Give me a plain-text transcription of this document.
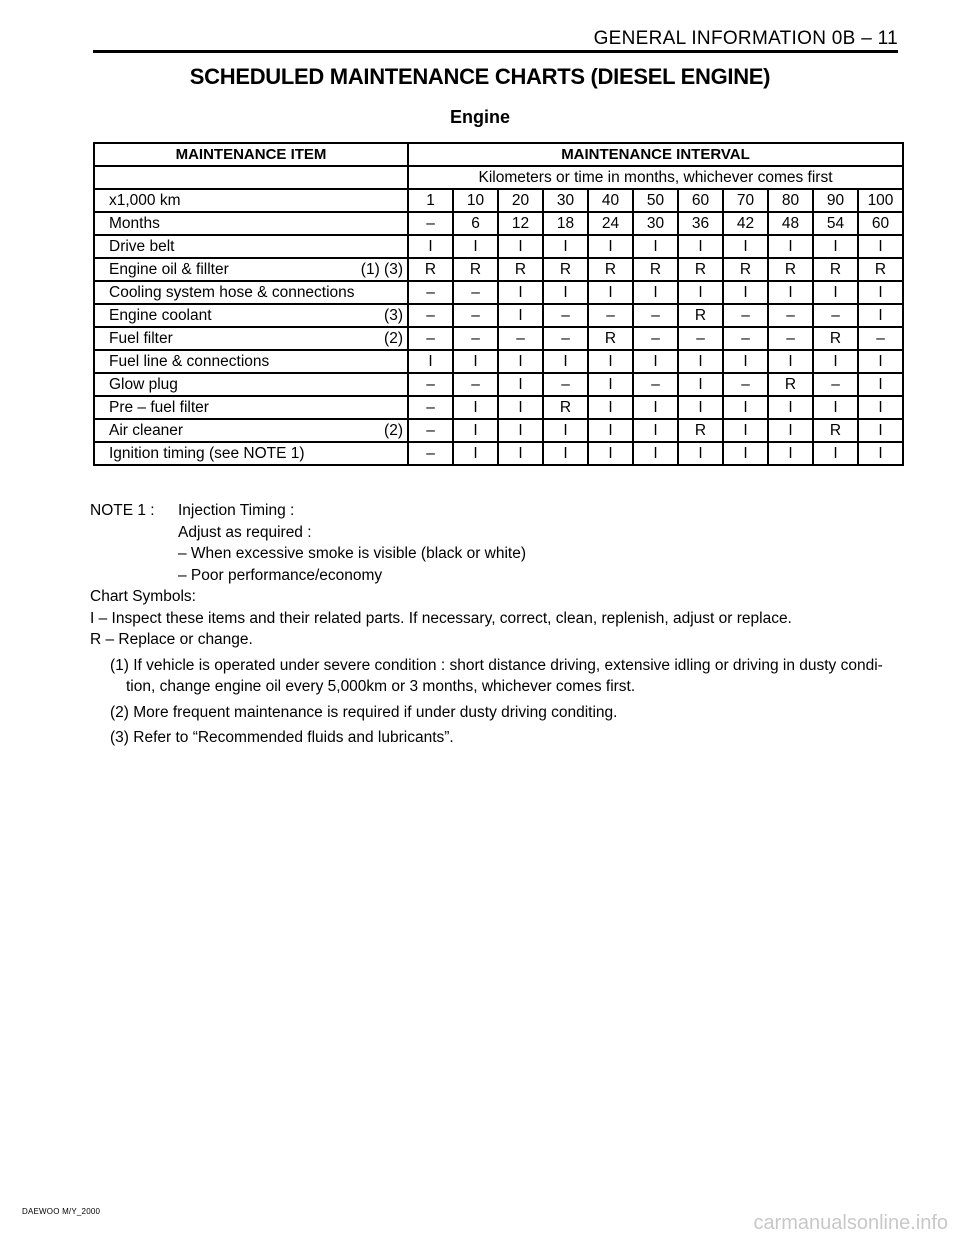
GENERAL INFORMATION 0B – 11
SCHEDULED MAINTENANCE CHARTS (DIESEL ENGINE)
Engine
MAINTENANCE ITEM	MAINTENANCE INTERVAL										
	Kilometers or time in months, whichever comes first										

x1,000 km	1	10	20	30	40	50	60	70	80	90	100

Months	–	6	12	18	24	30	36	42	48	54	60

Drive belt	I	I	I	I	I	I	I	I	I	I	I

Engine oil & fillter (1) (3)	R	R	R	R	R	R	R	R	R	R	R

Cooling system hose & connections	–	–	I	I	I	I	I	I	I	I	I

Engine coolant (3)	–	–	I	–	–	–	R	–	–	–	I

Fuel filter (2)	–	–	–	–	R	–	–	–	–	R	–

Fuel line & connections	I	I	I	I	I	I	I	I	I	I	I

Glow plug	–	–	I	–	I	–	I	–	R	–	I

Pre – fuel filter	–	I	I	R	I	I	I	I	I	I	I

Air cleaner (2)	–	I	I	I	I	I	R	I	I	R	I

Ignition timing (see NOTE 1)	–	I	I	I	I	I	I	I	I	I	I
NOTE 1 :	Injection Timing :
Adjust as required :
– When excessive smoke is visible (black or white)
– Poor performance/economy
Chart Symbols:
I – Inspect these items and their related parts. If necessary, correct, clean, replenish, adjust or replace.
R – Replace or change.
(1) If vehicle is operated under severe condition : short distance driving, extensive idling or driving in dusty condi-
tion, change engine oil every 5,000km or 3 months, whichever comes first.
(2) More frequent maintenance is required if under dusty driving conditing.
(3) Refer to “Recommended fluids and lubricants”.
DAEWOO M/Y_2000
carmanualsonline.info
